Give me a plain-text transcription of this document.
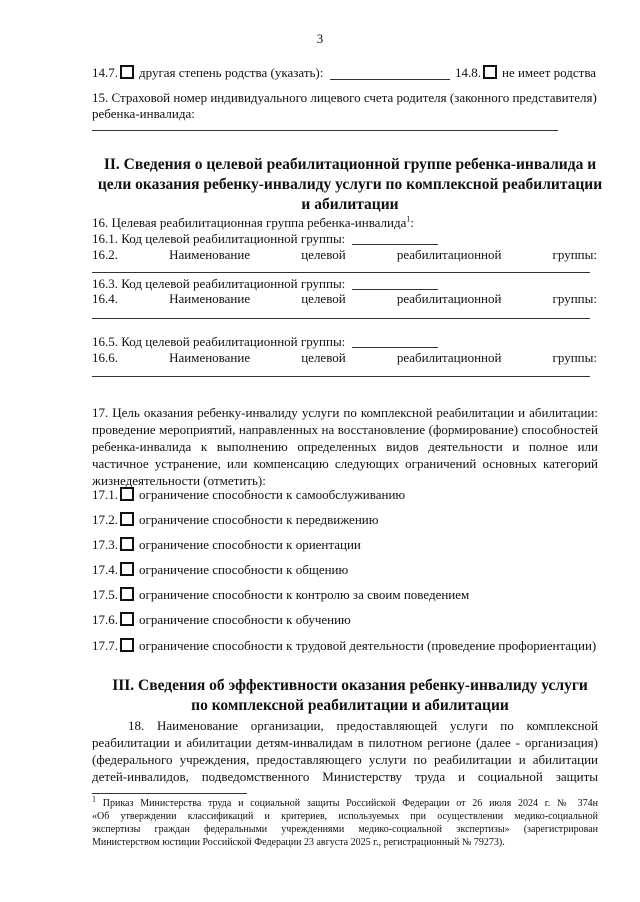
3
14.7. другая степень родства (указать):	14.8. не имеет родства
15. Страховой номер индивидуального лицевого счета родителя (законного представителя)
ребенка-инвалида:
II. Сведения о целевой реабилитационной группе ребенка-инвалида и
цели оказания ребенку-инвалиду услуги по комплексной реабилитации
и абилитации
16. Целевая реабилитационная группа ребенка-инвалида$^1$:
16.1. Код целевой реабилитационной группы:
16.2.	Наименование	целевой	реабилитационной	группы:
16.3. Код целевой реабилитационной группы:
16.4.	Наименование	целевой	реабилитационной	группы:
16.5. Код целевой реабилитационной группы:
16.6.	Наименование	целевой	реабилитационной	группы:
17. Цель оказания ребенку-инвалиду услуги по комплексной реабилитации и абилитации:
проведение мероприятий, направленных на восстановление (формирование) способностей
ребенка-инвалида к выполнению определенных видов деятельности и полное или
частичное устранение, или компенсацию следующих ограничений основных категорий
жизнедеятельности (отметить):
17.1. ограничение способности к самообслуживанию
17.2. ограничение способности к передвижению
17.3. ограничение способности к ориентации
17.4. ограничение способности к общению
17.5. ограничение способности к контролю за своим поведением
17.6. ограничение способности к обучению
17.7. ограничение способности к трудовой деятельности (проведение профориентации)
III. Сведения об эффективности оказания ребенку-инвалиду услуги
по комплексной реабилитации и абилитации
18. Наименование организации, предоставляющей услуги по комплексной
реабилитации и абилитации детям-инвалидам в пилотном регионе (далее - организация)
(федерального учреждения, предоставляющего услуги по реабилитации и абилитации
детей-инвалидов, подведомственного Министерству труда и социальной защиты
$^1$ Приказ Министерства труда и социальной защиты Российской Федерации от 26 июля 2024 г. № 374н
«Об утверждении классификаций и критериев, используемых при осуществлении медико-социальной
экспертизы граждан федеральными учреждениями медико-социальной экспертизы» (зарегистрирован
Министерством юстиции Российской Федерации 23 августа 2025 г., регистрационный № 79273).
